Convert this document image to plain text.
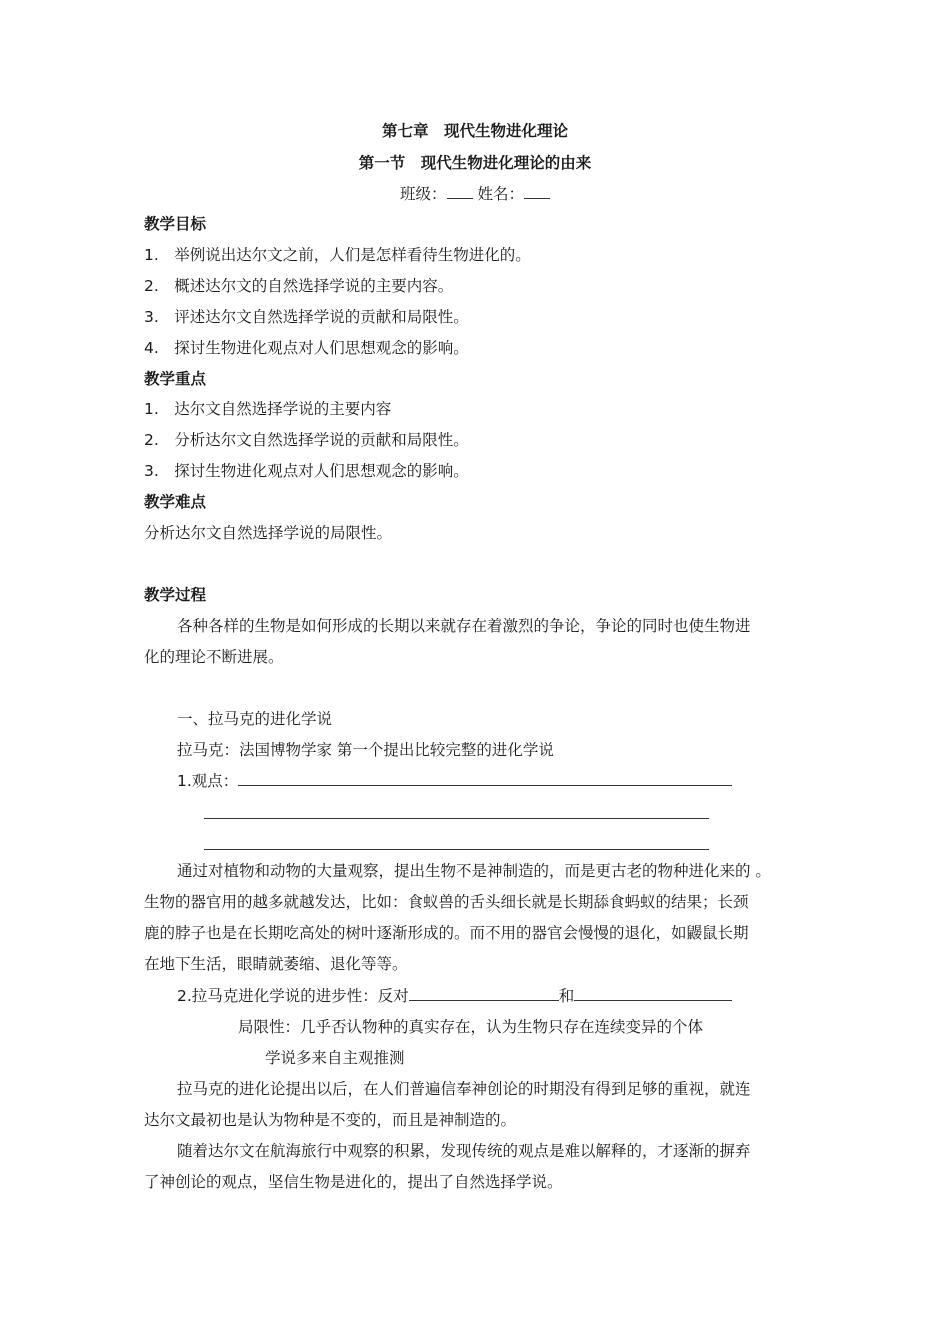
第七章　现代生物进化理论
第一节　现代生物进化理论的由来
班级： 姓名：
教学目标
1.　举例说出达尔文之前，人们是怎样看待生物进化的。
2.　概述达尔文的自然选择学说的主要内容。
3.　评述达尔文自然选择学说的贡献和局限性。
4.　探讨生物进化观点对人们思想观念的影响。
教学重点
1.　达尔文自然选择学说的主要内容
2.　分析达尔文自然选择学说的贡献和局限性。
3.　探讨生物进化观点对人们思想观念的影响。
教学难点
分析达尔文自然选择学说的局限性。
教学过程
各种各样的生物是如何形成的长期以来就存在着激烈的争论，争论的同时也使生物进
化的理论不断进展。
一、拉马克的进化学说
拉马克：法国博物学家 第一个提出比较完整的进化学说
1.观点：
通过对植物和动物的大量观察，提出生物不是神制造的，而是更古老的物种进化来的 。
生物的器官用的越多就越发达，比如：食蚁兽的舌头细长就是长期舔食蚂蚁的结果；长颈
鹿的脖子也是在长期吃高处的树叶逐渐形成的。而不用的器官会慢慢的退化，如鼹鼠长期
在地下生活，眼睛就萎缩、退化等等。
2.拉马克进化学说的进步性：反对	和
局限性：几乎否认物种的真实存在，认为生物只存在连续变异的个体
学说多来自主观推测
拉马克的进化论提出以后，在人们普遍信奉神创论的时期没有得到足够的重视，就连
达尔文最初也是认为物种是不变的，而且是神制造的。
随着达尔文在航海旅行中观察的积累，发现传统的观点是难以解释的，才逐渐的摒弃
了神创论的观点，坚信生物是进化的，提出了自然选择学说。
